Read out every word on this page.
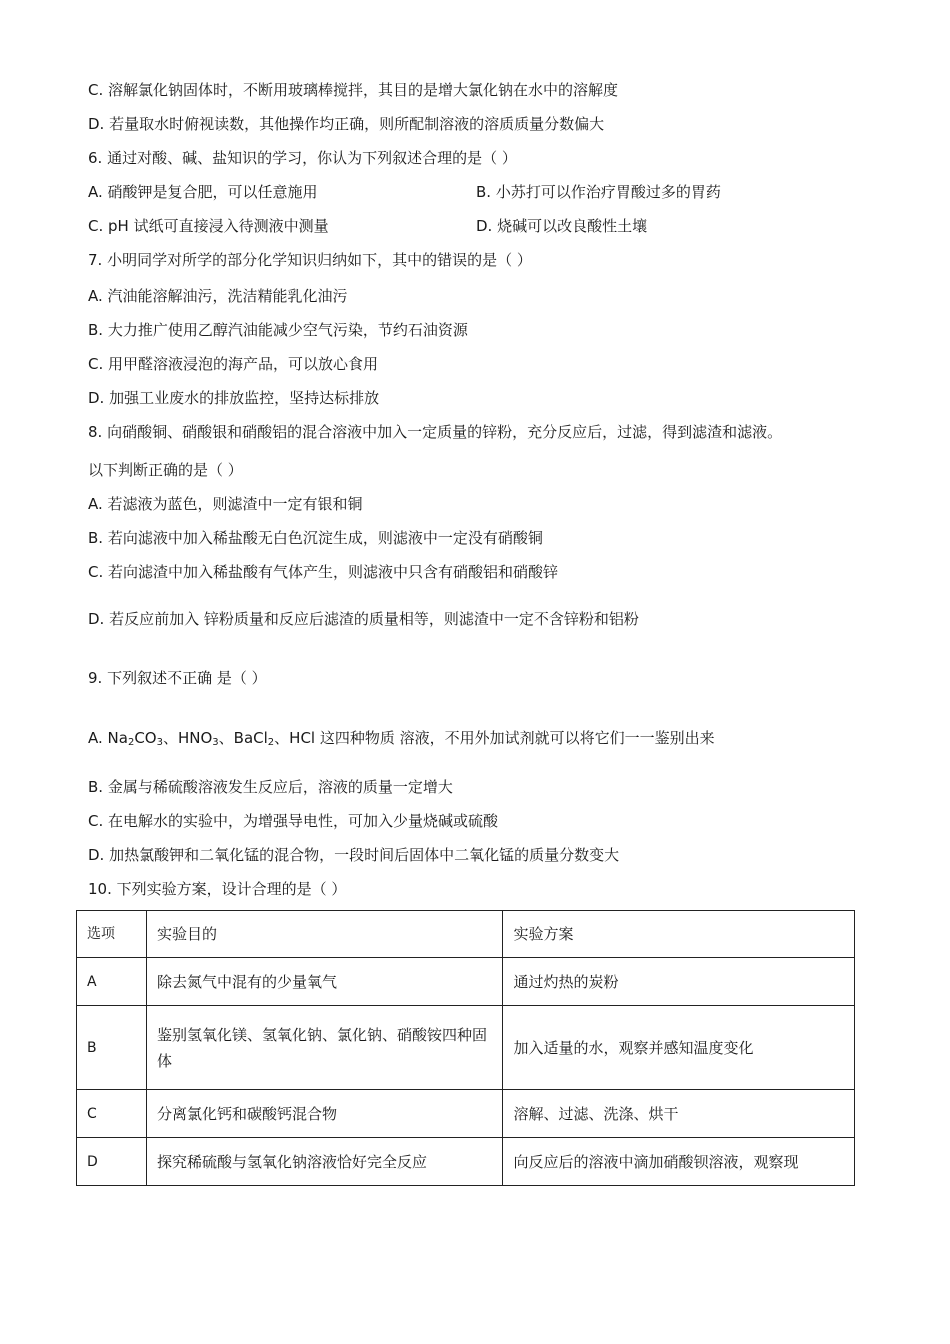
C. 溶解氯化钠固体时，不断用玻璃棒搅拌，其目的是增大氯化钠在水中的溶解度
D. 若量取水时俯视读数，其他操作均正确，则所配制溶液的溶质质量分数偏大
6. 通过对酸、碱、盐知识的学习，你认为下列叙述合理的是（ ）
A. 硝酸钾是复合肥，可以任意施用	B. 小苏打可以作治疗胃酸过多的胃药
C. pH 试纸可直接浸入待测液中测量	D. 烧碱可以改良酸性土壤
7. 小明同学对所学的部分化学知识归纳如下，其中的错误的是（ ）
A. 汽油能溶解油污，洗洁精能乳化油污
B. 大力推广使用乙醇汽油能减少空气污染，节约石油资源
C. 用甲醛溶液浸泡的海产品，可以放心食用
D. 加强工业废水的排放监控，坚持达标排放
8. 向硝酸铜、硝酸银和硝酸铝的混合溶液中加入一定质量的锌粉，充分反应后，过滤，得到滤渣和滤液。
以下判断正确的是（ ）
A. 若滤液为蓝色，则滤渣中一定有银和铜
B. 若向滤液中加入稀盐酸无白色沉淀生成，则滤液中一定没有硝酸铜
C. 若向滤渣中加入稀盐酸有气体产生，则滤液中只含有硝酸铝和硝酸锌
D. 若反应前加入 锌粉质量和反应后滤渣的质量相等，则滤渣中一定不含锌粉和铝粉
9. 下列叙述不正确 是（ ）
A. $Na_2CO_3$、$HNO_3$、BaCl$_2$、HCl 这四种物质 溶液，不用外加试剂就可以将它们一一鉴别出来
B. 金属与稀硫酸溶液发生反应后，溶液的质量一定增大
C. 在电解水的实验中，为增强导电性，可加入少量烧碱或硫酸
D. 加热氯酸钾和二氧化锰的混合物，一段时间后固体中二氧化锰的质量分数变大
10. 下列实验方案，设计合理的是（ ）
选项	实验目的	实验方案
A	除去氮气中混有的少量氧气	通过灼热的炭粉
B	鉴别氢氧化镁、氢氧化钠、氯化钠、硝酸铵四种固体	加入适量的水，观察并感知温度变化
C	分离氯化钙和碳酸钙混合物	溶解、过滤、洗涤、烘干
D	探究稀硫酸与氢氧化钠溶液恰好完全反应	向反应后的溶液中滴加硝酸钡溶液，观察现
